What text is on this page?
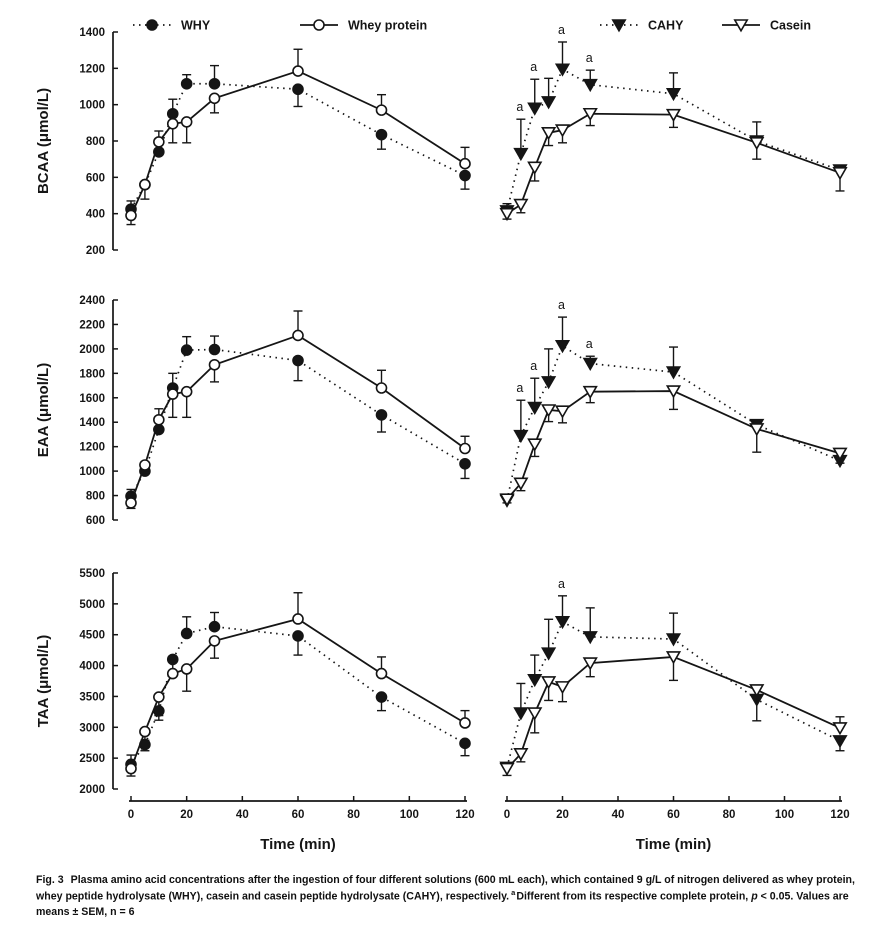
200
400
600
800
1000
1200
1400
BCAA (μmol/L)	a
a
a
a
600
800
1000
1200
1400
1600
1800
2000
2200
2400
EAA (μmol/L)	a
a
a
a
2000
2500
3000
3500
4000
4500
5000
5500
TAA (μmol/L)
a
0	20	40	60	80	100	120
Time (min)
0	20	40	60	80	100	120
Time (min)
WHY	Whey protein	CAHY	Casein
Fig. 3 Plasma amino acid concentrations after the ingestion of four different solutions (600 mL each), which contained 9 g/L of nitrogen delivered as whey protein, whey peptide hydrolysate (WHY), casein and casein peptide hydrolysate (CAHY), respectively. $^a$Different from its respective complete protein, p < 0.05. Values are means ± SEM, n = 6
